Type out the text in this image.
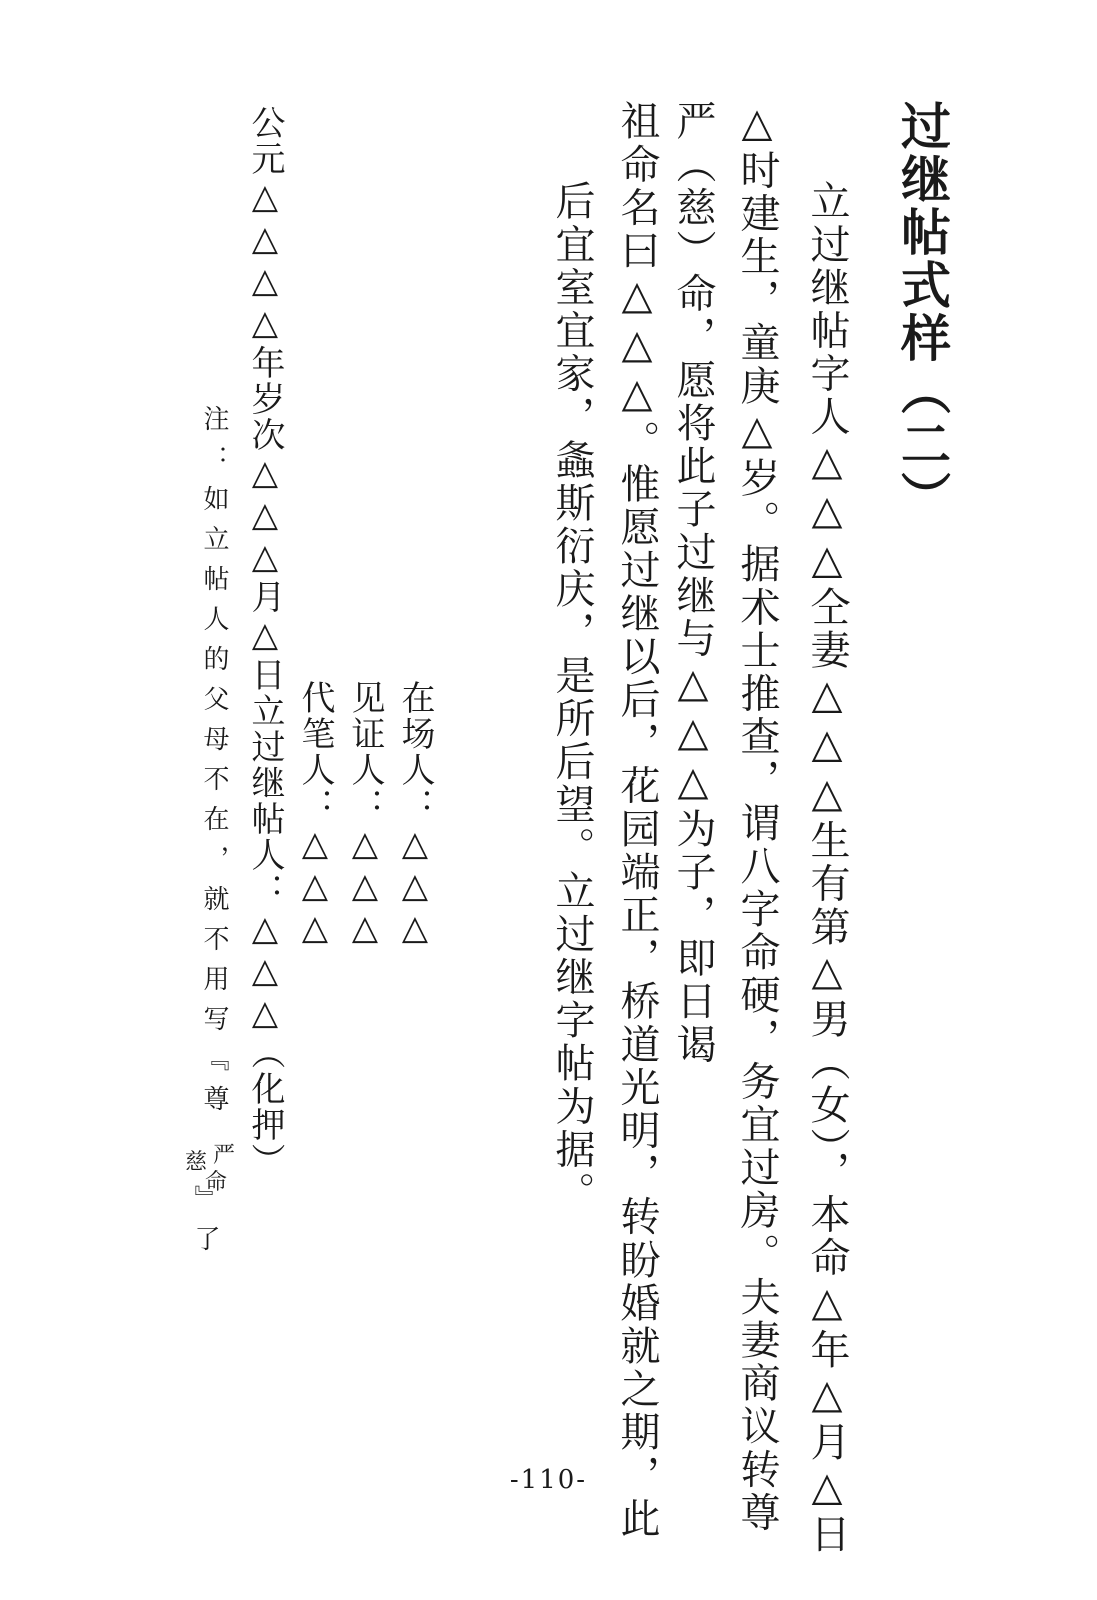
过继帖式样（二）
立过继帖字人△△△仝妻△△△生有第△男（女），本命△年△月△日
△时建生，童庚△岁。据术士推查，谓八字命硬，务宜过房。夫妻商议转尊
严（慈）命，愿将此子过继与△△△为子，即日谒
祖命名曰△△△。惟愿过继以后，花园端正，桥道光明，转盼婚就之期，此
后宜室宜家，螽斯衍庆，是所后望。立过继字帖为据。
在场人：△△△
见证人：△△△
代笔人：△△△
公元△△△△年岁次△△△月△日立过继帖人：△△△（化押）
注：如立帖人的父母不在，就不用写『尊
严
慈
命
』了
-110-
